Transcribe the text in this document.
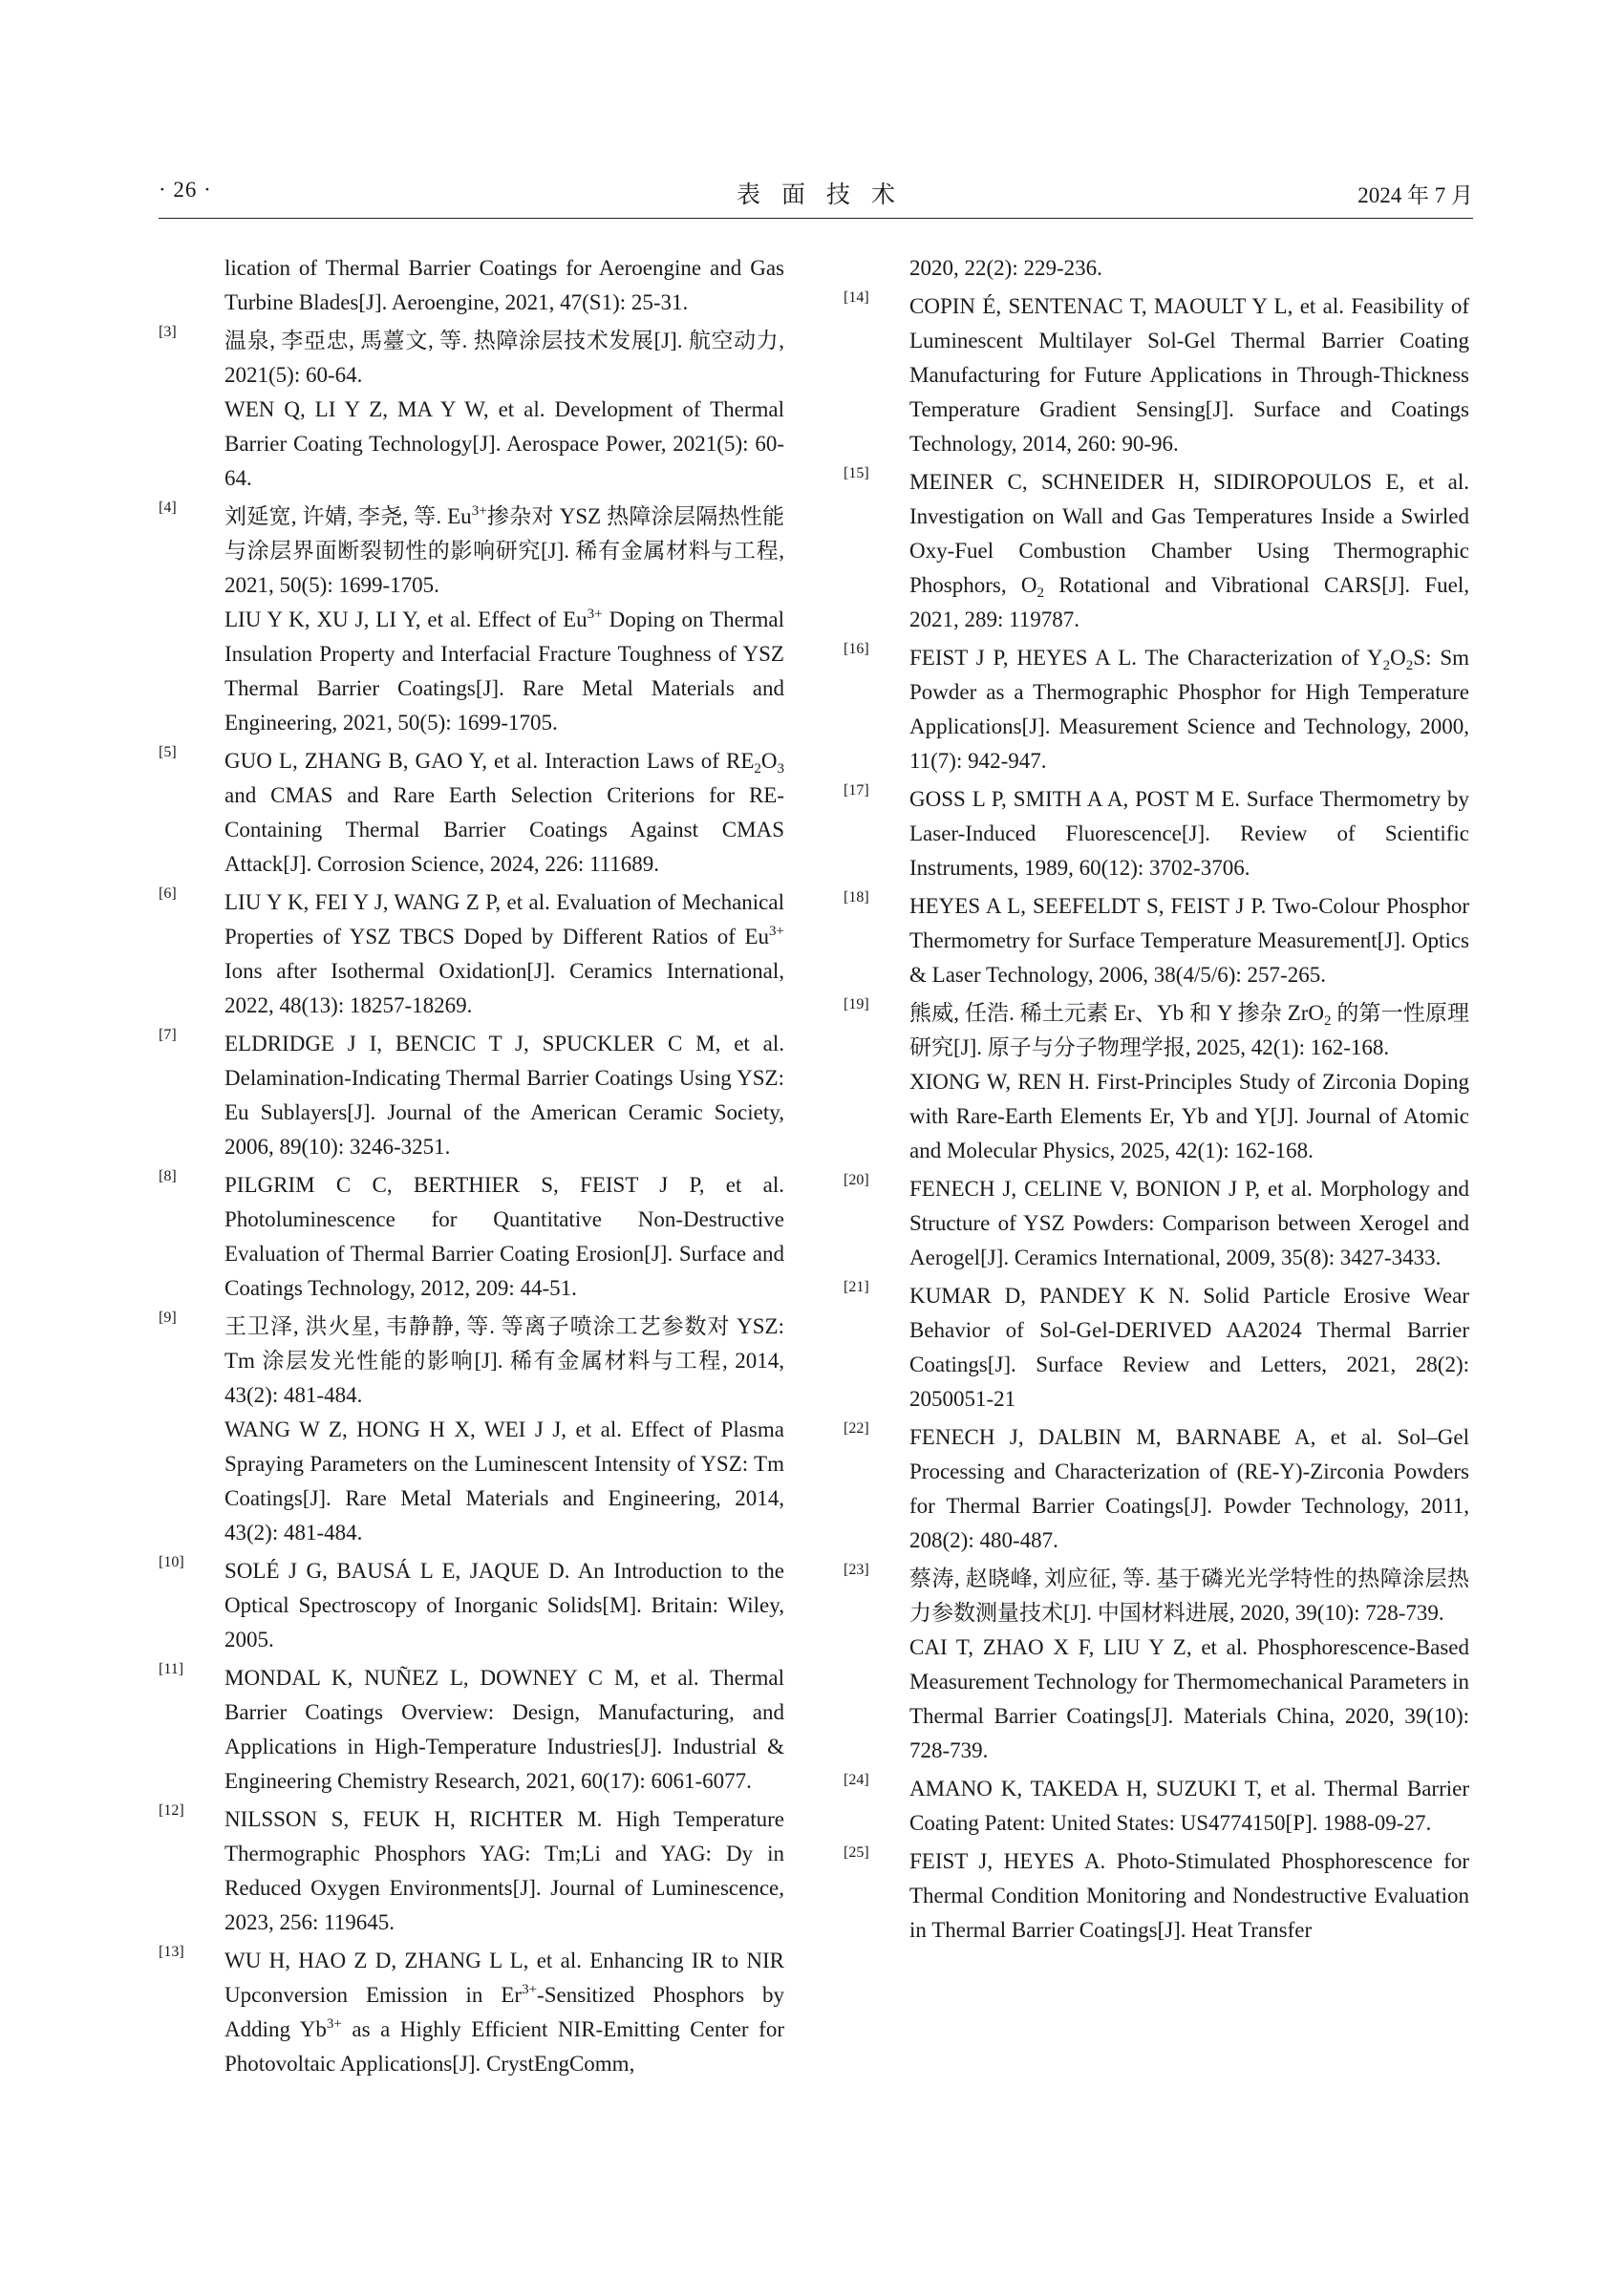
· 26 ·	表面技术	2024 年 7 月
lication of Thermal Barrier Coatings for Aeroengine and Gas Turbine Blades[J]. Aeroengine, 2021, 47(S1): 25-31.
[3]	温泉, 李亞忠, 馬薹文, 等. 热障涂层技术发展[J]. 航空动力, 2021(5): 60-64.
WEN Q, LI Y Z, MA Y W, et al. Development of Thermal Barrier Coating Technology[J]. Aerospace Power, 2021(5): 60-64.
[4]	刘延宽, 许婧, 李尧, 等. $Eu^{3+}$掺杂对 YSZ 热障涂层隔热性能与涂层界面断裂韧性的影响研究[J]. 稀有金属材料与工程, 2021, 50(5): 1699-1705.
LIU Y K, XU J, LI Y, et al. Effect of $Eu^{3+}$ Doping on Thermal Insulation Property and Interfacial Fracture Toughness of YSZ Thermal Barrier Coatings[J]. Rare Metal Materials and Engineering, 2021, 50(5): 1699-1705.
[5]	GUO L, ZHANG B, GAO Y, et al. Interaction Laws of $RE_2O_3$ and CMAS and Rare Earth Selection Criterions for RE-Containing Thermal Barrier Coatings Against CMAS Attack[J]. Corrosion Science, 2024, 226: 111689.
[6]	LIU Y K, FEI Y J, WANG Z P, et al. Evaluation of Mechanical Properties of YSZ TBCS Doped by Different Ratios of $Eu^{3+}$ Ions after Isothermal Oxidation[J]. Ceramics International, 2022, 48(13): 18257-18269.
[7]	ELDRIDGE J I, BENCIC T J, SPUCKLER C M, et al. Delamination-Indicating Thermal Barrier Coatings Using YSZ: Eu Sublayers[J]. Journal of the American Ceramic Society, 2006, 89(10): 3246-3251.
[8]	PILGRIM C C, BERTHIER S, FEIST J P, et al. Photoluminescence for Quantitative Non-Destructive Evaluation of Thermal Barrier Coating Erosion[J]. Surface and Coatings Technology, 2012, 209: 44-51.
[9]	王卫泽, 洪火星, 韦静静, 等. 等离子喷涂工艺参数对 YSZ: Tm 涂层发光性能的影响[J]. 稀有金属材料与工程, 2014, 43(2): 481-484.
WANG W Z, HONG H X, WEI J J, et al. Effect of Plasma Spraying Parameters on the Luminescent Intensity of YSZ: Tm Coatings[J]. Rare Metal Materials and Engineering, 2014, 43(2): 481-484.
[10]	SOLÉ J G, BAUSÁ L E, JAQUE D. An Introduction to the Optical Spectroscopy of Inorganic Solids[M]. Britain: Wiley, 2005.
[11]	MONDAL K, NUÑEZ L, DOWNEY C M, et al. Thermal Barrier Coatings Overview: Design, Manufacturing, and Applications in High-Temperature Industries[J]. Industrial & Engineering Chemistry Research, 2021, 60(17): 6061-6077.
[12]	NILSSON S, FEUK H, RICHTER M. High Temperature Thermographic Phosphors YAG: Tm;Li and YAG: Dy in Reduced Oxygen Environments[J]. Journal of Luminescence, 2023, 256: 119645.
[13]	WU H, HAO Z D, ZHANG L L, et al. Enhancing IR to NIR Upconversion Emission in $Er^{3+}$-Sensitized Phosphors by Adding $Yb^{3+}$ as a Highly Efficient NIR-Emitting Center for Photovoltaic Applications[J]. CrystEngComm,
2020, 22(2): 229-236.
[14]	COPIN É, SENTENAC T, MAOULT Y L, et al. Feasibility of Luminescent Multilayer Sol-Gel Thermal Barrier Coating Manufacturing for Future Applications in Through-Thickness Temperature Gradient Sensing[J]. Surface and Coatings Technology, 2014, 260: 90-96.
[15]	MEINER C, SCHNEIDER H, SIDIROPOULOS E, et al. Investigation on Wall and Gas Temperatures Inside a Swirled Oxy-Fuel Combustion Chamber Using Thermographic Phosphors, $O_2$ Rotational and Vibrational CARS[J]. Fuel, 2021, 289: 119787.
[16]	FEIST J P, HEYES A L. The Characterization of $Y_2O_2S$: Sm Powder as a Thermographic Phosphor for High Temperature Applications[J]. Measurement Science and Technology, 2000, 11(7): 942-947.
[17]	GOSS L P, SMITH A A, POST M E. Surface Thermometry by Laser-Induced Fluorescence[J]. Review of Scientific Instruments, 1989, 60(12): 3702-3706.
[18]	HEYES A L, SEEFELDT S, FEIST J P. Two-Colour Phosphor Thermometry for Surface Temperature Measurement[J]. Optics & Laser Technology, 2006, 38(4/5/6): 257-265.
[19]	熊威, 任浩. 稀土元素 Er、Yb 和 Y 掺杂 ZrO$_2$ 的第一性原理研究[J]. 原子与分子物理学报, 2025, 42(1): 162-168.
XIONG W, REN H. First-Principles Study of Zirconia Doping with Rare-Earth Elements Er, Yb and Y[J]. Journal of Atomic and Molecular Physics, 2025, 42(1): 162-168.
[20]	FENECH J, CELINE V, BONION J P, et al. Morphology and Structure of YSZ Powders: Comparison between Xerogel and Aerogel[J]. Ceramics International, 2009, 35(8): 3427-3433.
[21]	KUMAR D, PANDEY K N. Solid Particle Erosive Wear Behavior of Sol-Gel-DERIVED AA2024 Thermal Barrier Coatings[J]. Surface Review and Letters, 2021, 28(2): 2050051-21
[22]	FENECH J, DALBIN M, BARNABE A, et al. Sol–Gel Processing and Characterization of (RE-Y)-Zirconia Powders for Thermal Barrier Coatings[J]. Powder Technology, 2011, 208(2): 480-487.
[23]	蔡涛, 赵晓峰, 刘应征, 等. 基于磷光光学特性的热障涂层热力参数测量技术[J]. 中国材料进展, 2020, 39(10): 728-739.
CAI T, ZHAO X F, LIU Y Z, et al. Phosphorescence-Based Measurement Technology for Thermomechanical Parameters in Thermal Barrier Coatings[J]. Materials China, 2020, 39(10): 728-739.
[24]	AMANO K, TAKEDA H, SUZUKI T, et al. Thermal Barrier Coating Patent: United States: US4774150[P]. 1988-09-27.
[25]	FEIST J, HEYES A. Photo-Stimulated Phosphorescence for Thermal Condition Monitoring and Nondestructive Evaluation in Thermal Barrier Coatings[J]. Heat Transfer
